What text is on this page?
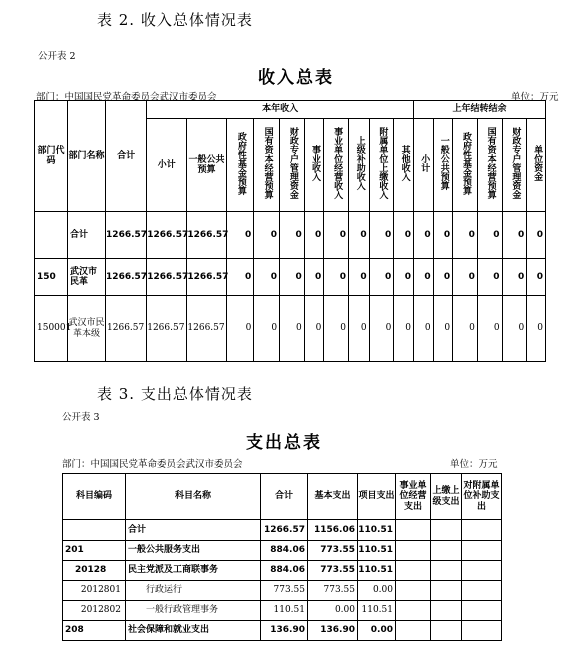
表 2. 收入总体情况表
公开表 2
收入总表
部门：中国国民党革命委员会武汉市委员会	单位：万元
部门代码	部门名称	合计	本年收入										上年结转结余					
			小计	一般公共预算	政府性基金预算	国有资本经营预算	财政专户管理资金	事业收入	事业单位经营收入	上级补助收入	附属单位上缴收入	其他收入	小计	一般公共预算	政府性基金预算	国有资本经营预算	财政专户管理资金	单位资金
	合计	1266.57	1266.57	1266.57	0	0	0	0	0	0	0	0	0	0	0	0	0	0
150	武汉市民革	1266.57	1266.57	1266.57	0	0	0	0	0	0	0	0	0	0	0	0	0	0
150001	武汉市民革本级	1266.57	1266.57	1266.57	0	0	0	0	0	0	0	0	0	0	0	0	0	0
表 3. 支出总体情况表
公开表 3
支出总表
部门：中国国民党革命委员会武汉市委员会	单位：万元
科目编码	科目名称	合计	基本支出	项目支出	事业单位经营支出	上缴上级支出	对附属单位补助支出
	合计	1266.57	1156.06	110.51			
201	一般公共服务支出	884.06	773.55	110.51			
20128	民主党派及工商联事务	884.06	773.55	110.51			
2012801	行政运行	773.55	773.55	0.00			
2012802	一般行政管理事务	110.51	0.00	110.51			
208	社会保障和就业支出	136.90	136.90	0.00			
